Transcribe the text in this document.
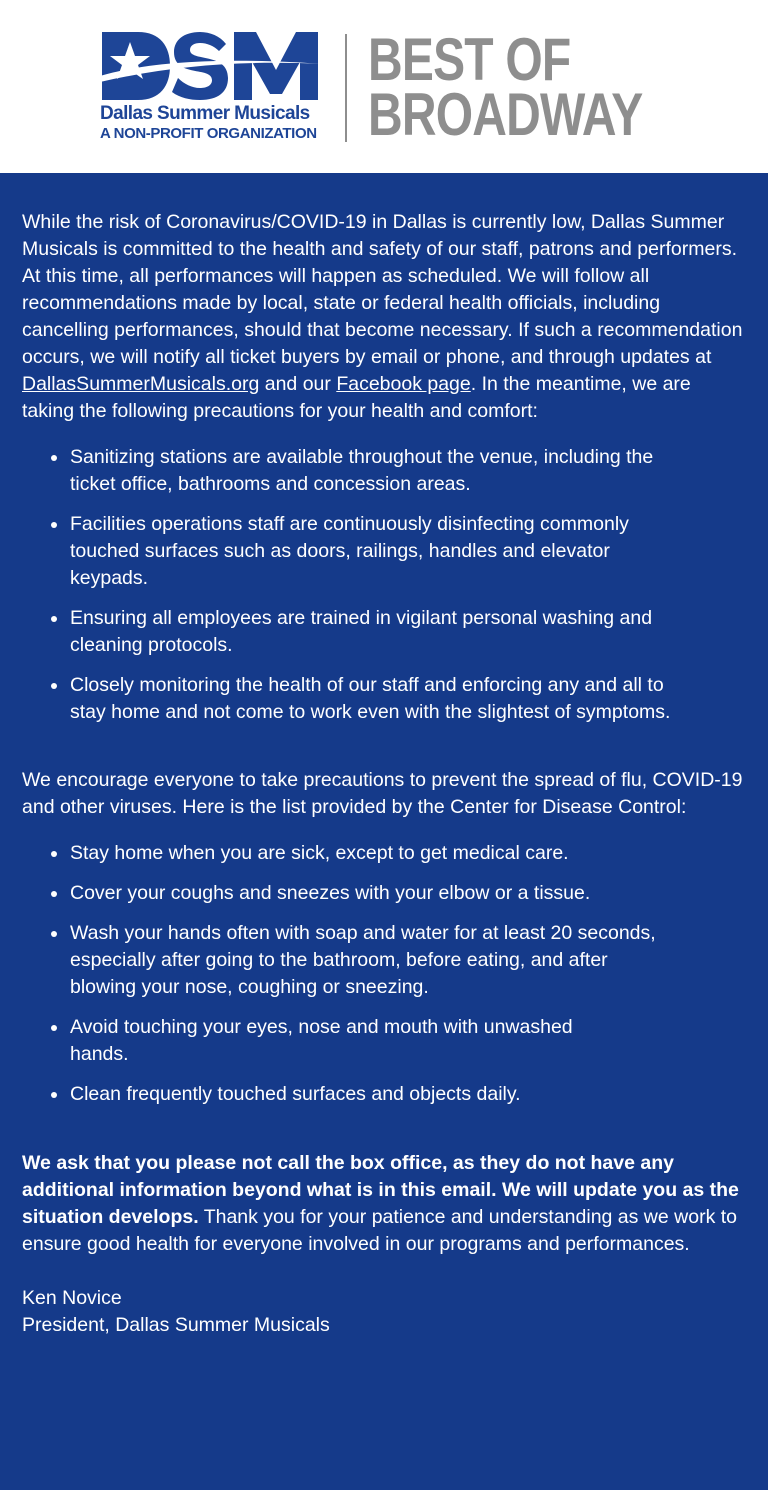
Dallas Summer Musicals
A NON-PROFIT ORGANIZATION
BEST OF
BROADWAY

While the risk of Coronavirus/COVID-19 in Dallas is currently low, Dallas Summer Musicals is committed to the health and safety of our staff, patrons and performers. At this time, all performances will happen as scheduled. We will follow all recommendations made by local, state or federal health officials, including cancelling performances, should that become necessary. If such a recommendation occurs, we will notify all ticket buyers by email or phone, and through updates at DallasSummerMusicals.org and our Facebook page. In the meantime, we are taking the following precautions for your health and comfort:

Sanitizing stations are available throughout the venue, including the ticket office, bathrooms and concession areas.
Facilities operations staff are continuously disinfecting commonly touched surfaces such as doors, railings, handles and elevator keypads.
Ensuring all employees are trained in vigilant personal washing and cleaning protocols.
Closely monitoring the health of our staff and enforcing any and all to stay home and not come to work even with the slightest of symptoms.

We encourage everyone to take precautions to prevent the spread of flu, COVID-19 and other viruses. Here is the list provided by the Center for Disease Control:

Stay home when you are sick, except to get medical care.
Cover your coughs and sneezes with your elbow or a tissue.
Wash your hands often with soap and water for at least 20 seconds, especially after going to the bathroom, before eating, and after blowing your nose, coughing or sneezing.
Avoid touching your eyes, nose and mouth with unwashed hands.
Clean frequently touched surfaces and objects daily.

We ask that you please not call the box office, as they do not have any additional information beyond what is in this email. We will update you as the situation develops. Thank you for your patience and understanding as we work to ensure good health for everyone involved in our programs and performances.

Ken Novice
President, Dallas Summer Musicals
